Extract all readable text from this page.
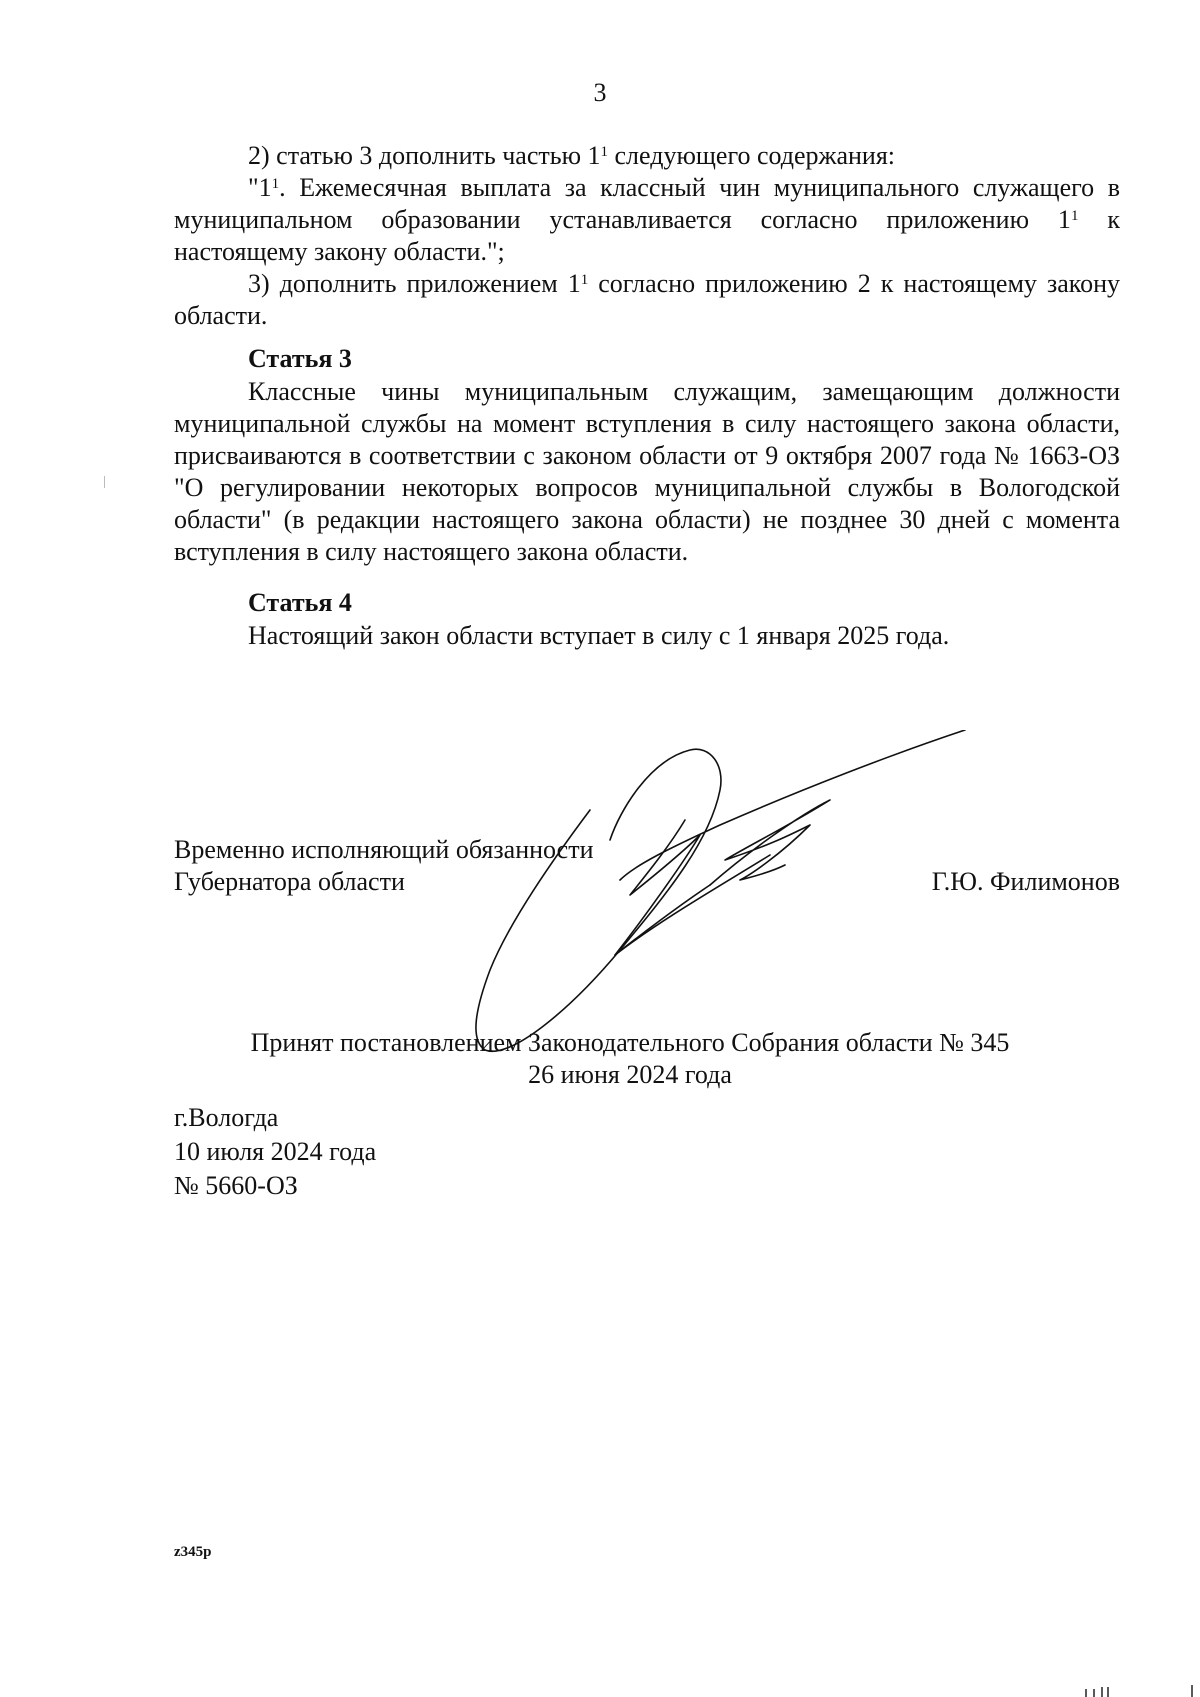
3

2) статью 3 дополнить частью $1^1$ следующего содержания:

"$1^1$. Ежемесячная выплата за классный чин муниципального служащего в муниципальном образовании устанавливается согласно приложению $1^1$ к настоящему закону области.";

3) дополнить приложением $1^1$ согласно приложению 2 к настоящему закону области.

Статья 3

Классные чины муниципальным служащим, замещающим должности муниципальной службы на момент вступления в силу настоящего закона области, присваиваются в соответствии с законом области от 9 октября 2007 года № 1663-ОЗ "О регулировании некоторых вопросов муниципальной службы в Вологодской области" (в редакции настоящего закона области) не позднее 30 дней с момента вступления в силу настоящего закона области.

Статья 4

Настоящий закон области вступает в силу с 1 января 2025 года.

Временно исполняющий обязанности
Губернатора области	Г.Ю. Филимонов
Принят постановлением Законодательного Собрания области № 345
26 июня 2024 года
г.Вологда
10 июля 2024 года
№ 5660-ОЗ
z345p
